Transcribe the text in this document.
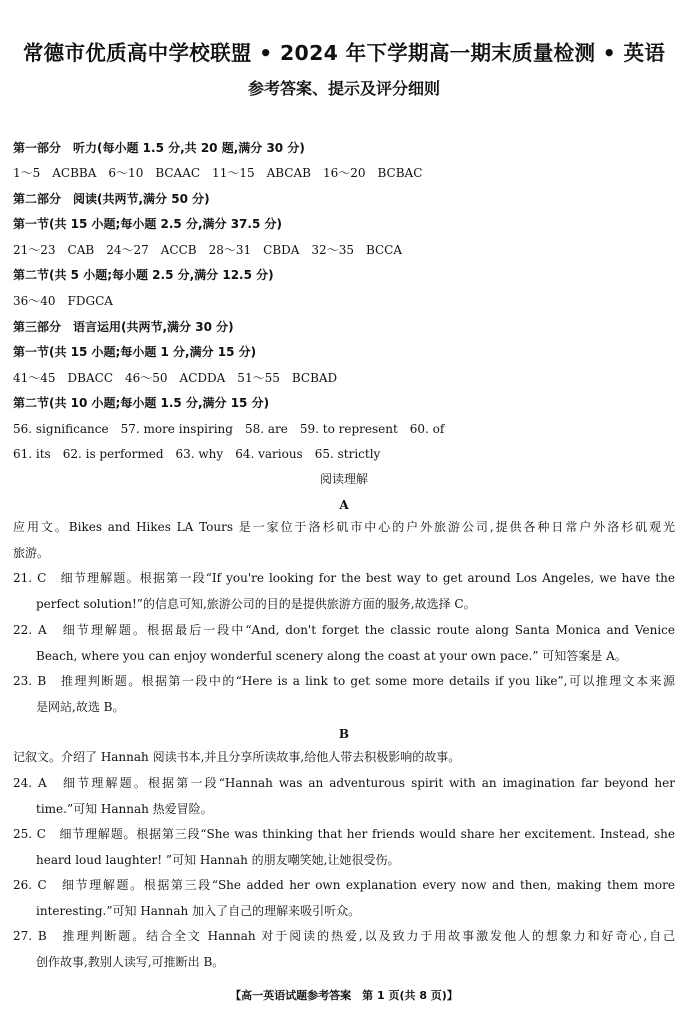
常德市优质高中学校联盟 • 2024 年下学期高一期末质量检测 • 英语
参考答案、提示及评分细则
第一部分　听力(每小题 1.5 分,共 20 题,满分 30 分)
1～5　ACBBA　6～10　BCAAC　11～15　ABCAB　16～20　BCBAC
第二部分　阅读(共两节,满分 50 分)
第一节(共 15 小题;每小题 2.5 分,满分 37.5 分)
21～23　CAB　24～27　ACCB　28～31　CBDA　32～35　BCCA
第二节(共 5 小题;每小题 2.5 分,满分 12.5 分)
36～40　FDGCA
第三部分　语言运用(共两节,满分 30 分)
第一节(共 15 小题;每小题 1 分,满分 15 分)
41～45　DBACC　46～50　ACDDA　51～55　BCBAD
第二节(共 10 小题;每小题 1.5 分,满分 15 分)
56. significance　57. more inspiring　58. are　59. to represent　60. of
61. its　62. is performed　63. why　64. various　65. strictly
阅读理解
A
应用文。Bikes and Hikes LA Tours 是一家位于洛杉矶市中心的户外旅游公司,提供各种日常户外洛杉矶观光
旅游。
21. C　细节理解题。根据第一段“If you're looking for the best way to get around Los Angeles, we have the
perfect solution!”的信息可知,旅游公司的目的是提供旅游方面的服务,故选择 C。
22. A　细节理解题。根据最后一段中“And, don't forget the classic route along Santa Monica and Venice
Beach, where you can enjoy wonderful scenery along the coast at your own pace.” 可知答案是 A。
23. B　推理判断题。根据第一段中的“Here is a link to get some more details if you like”,可以推理文本来源
是网站,故选 B。
B
记叙文。介绍了 Hannah 阅读书本,并且分享所读故事,给他人带去积极影响的故事。
24. A　细节理解题。根据第一段“Hannah was an adventurous spirit with an imagination far beyond her
time.”可知 Hannah 热爱冒险。
25. C　细节理解题。根据第三段“She was thinking that her friends would share her excitement. Instead, she
heard loud laughter! ”可知 Hannah 的朋友嘲笑她,让她很受伤。
26. C　细节理解题。根据第三段“She added her own explanation every now and then, making them more
interesting.”可知 Hannah 加入了自己的理解来吸引听众。
27. B　推理判断题。结合全文 Hannah 对于阅读的热爱,以及致力于用故事激发他人的想象力和好奇心,自己
创作故事,教别人读写,可推断出 B。
【高一英语试题参考答案　第 1 页(共 8 页)】
